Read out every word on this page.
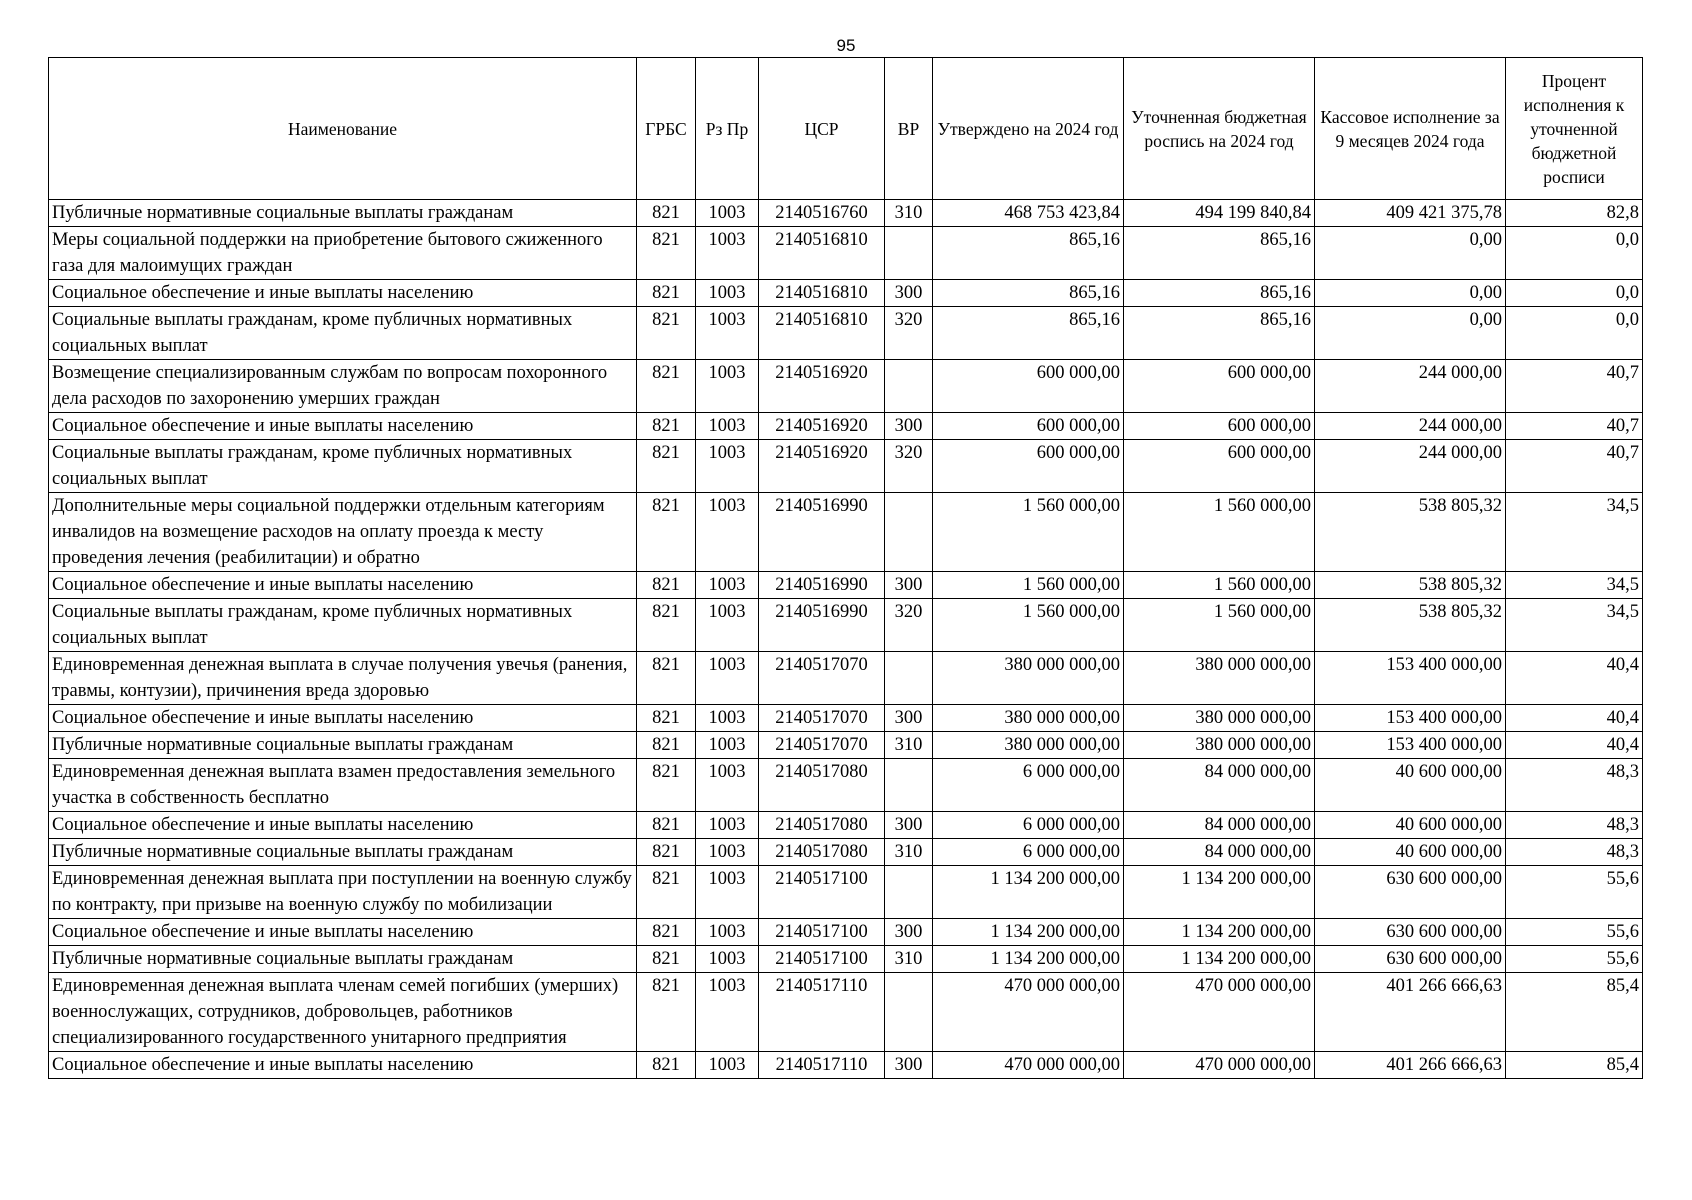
95
Наименование	ГРБС	Рз Пр	ЦСР	ВР	Утверждено на 2024 год	Уточненная бюджетная роспись на 2024 год	Кассовое исполнение за 9 месяцев 2024 года	Процент исполнения к уточненной бюджетной росписи
Публичные нормативные социальные выплаты гражданам	821	1003	2140516760	310	468 753 423,84	494 199 840,84	409 421 375,78	82,8
Меры социальной поддержки на приобретение бытового сжиженного газа для малоимущих граждан	821	1003	2140516810		865,16	865,16	0,00	0,0
Социальное обеспечение и иные выплаты населению	821	1003	2140516810	300	865,16	865,16	0,00	0,0
Социальные выплаты гражданам, кроме публичных нормативных социальных выплат	821	1003	2140516810	320	865,16	865,16	0,00	0,0
Возмещение специализированным службам по вопросам похоронного дела расходов по захоронению умерших граждан	821	1003	2140516920		600 000,00	600 000,00	244 000,00	40,7
Социальное обеспечение и иные выплаты населению	821	1003	2140516920	300	600 000,00	600 000,00	244 000,00	40,7
Социальные выплаты гражданам, кроме публичных нормативных социальных выплат	821	1003	2140516920	320	600 000,00	600 000,00	244 000,00	40,7
Дополнительные меры социальной поддержки отдельным категориям инвалидов на возмещение расходов на оплату проезда к месту проведения лечения (реабилитации) и обратно	821	1003	2140516990		1 560 000,00	1 560 000,00	538 805,32	34,5
Социальное обеспечение и иные выплаты населению	821	1003	2140516990	300	1 560 000,00	1 560 000,00	538 805,32	34,5
Социальные выплаты гражданам, кроме публичных нормативных социальных выплат	821	1003	2140516990	320	1 560 000,00	1 560 000,00	538 805,32	34,5
Единовременная денежная выплата в случае получения увечья (ранения, травмы, контузии), причинения вреда здоровью	821	1003	2140517070		380 000 000,00	380 000 000,00	153 400 000,00	40,4
Социальное обеспечение и иные выплаты населению	821	1003	2140517070	300	380 000 000,00	380 000 000,00	153 400 000,00	40,4
Публичные нормативные социальные выплаты гражданам	821	1003	2140517070	310	380 000 000,00	380 000 000,00	153 400 000,00	40,4
Единовременная денежная выплата взамен предоставления земельного участка в собственность бесплатно	821	1003	2140517080		6 000 000,00	84 000 000,00	40 600 000,00	48,3
Социальное обеспечение и иные выплаты населению	821	1003	2140517080	300	6 000 000,00	84 000 000,00	40 600 000,00	48,3
Публичные нормативные социальные выплаты гражданам	821	1003	2140517080	310	6 000 000,00	84 000 000,00	40 600 000,00	48,3
Единовременная денежная выплата при поступлении на военную службу по контракту, при призыве на военную службу по мобилизации	821	1003	2140517100		1 134 200 000,00	1 134 200 000,00	630 600 000,00	55,6
Социальное обеспечение и иные выплаты населению	821	1003	2140517100	300	1 134 200 000,00	1 134 200 000,00	630 600 000,00	55,6
Публичные нормативные социальные выплаты гражданам	821	1003	2140517100	310	1 134 200 000,00	1 134 200 000,00	630 600 000,00	55,6
Единовременная денежная выплата членам семей погибших (умерших) военнослужащих, сотрудников, добровольцев, работников специализированного государственного унитарного предприятия	821	1003	2140517110		470 000 000,00	470 000 000,00	401 266 666,63	85,4
Социальное обеспечение и иные выплаты населению	821	1003	2140517110	300	470 000 000,00	470 000 000,00	401 266 666,63	85,4
